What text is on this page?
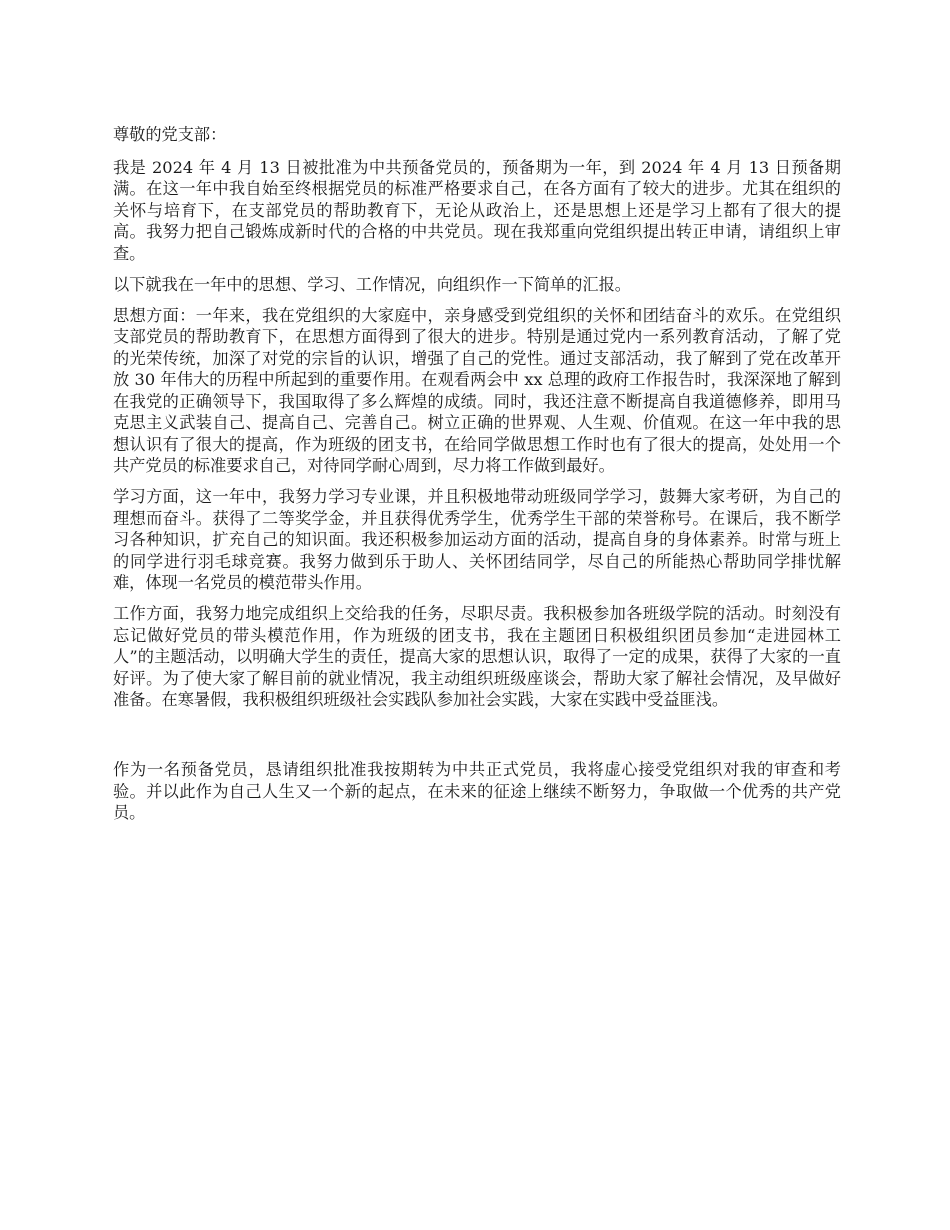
尊敬的党支部：

我是 2024 年 4 月 13 日被批准为中共预备党员的，预备期为一年，到 2024 年 4 月 13 日预备期满。在这一年中我自始至终根据党员的标准严格要求自己，在各方面有了较大的进步。尤其在组织的关怀与培育下，在支部党员的帮助教育下，无论从政治上，还是思想上还是学习上都有了很大的提高。我努力把自己锻炼成新时代的合格的中共党员。现在我郑重向党组织提出转正申请，请组织上审查。

以下就我在一年中的思想、学习、工作情况，向组织作一下简单的汇报。

思想方面：一年来，我在党组织的大家庭中，亲身感受到党组织的关怀和团结奋斗的欢乐。在党组织支部党员的帮助教育下，在思想方面得到了很大的进步。特别是通过党内一系列教育活动，了解了党的光荣传统，加深了对党的宗旨的认识，增强了自己的党性。通过支部活动，我了解到了党在改革开放 30 年伟大的历程中所起到的重要作用。在观看两会中 xx 总理的政府工作报告时，我深深地了解到在我党的正确领导下，我国取得了多么辉煌的成绩。同时，我还注意不断提高自我道德修养，即用马克思主义武装自己、提高自己、完善自己。树立正确的世界观、人生观、价值观。在这一年中我的思想认识有了很大的提高，作为班级的团支书，在给同学做思想工作时也有了很大的提高，处处用一个共产党员的标准要求自己，对待同学耐心周到，尽力将工作做到最好。

学习方面，这一年中，我努力学习专业课，并且积极地带动班级同学学习，鼓舞大家考研，为自己的理想而奋斗。获得了二等奖学金，并且获得优秀学生，优秀学生干部的荣誉称号。在课后，我不断学习各种知识，扩充自己的知识面。我还积极参加运动方面的活动，提高自身的身体素养。时常与班上的同学进行羽毛球竞赛。我努力做到乐于助人、关怀团结同学，尽自己的所能热心帮助同学排忧解难，体现一名党员的模范带头作用。

工作方面，我努力地完成组织上交给我的任务，尽职尽责。我积极参加各班级学院的活动。时刻没有忘记做好党员的带头模范作用，作为班级的团支书，我在主题团日积极组织团员参加“走进园林工人”的主题活动，以明确大学生的责任，提高大家的思想认识，取得了一定的成果，获得了大家的一直好评。为了使大家了解目前的就业情况，我主动组织班级座谈会，帮助大家了解社会情况，及早做好准备。在寒暑假，我积极组织班级社会实践队参加社会实践，大家在实践中受益匪浅。

作为一名预备党员，恳请组织批准我按期转为中共正式党员，我将虚心接受党组织对我的审查和考验。并以此作为自己人生又一个新的起点，在未来的征途上继续不断努力，争取做一个优秀的共产党员。
